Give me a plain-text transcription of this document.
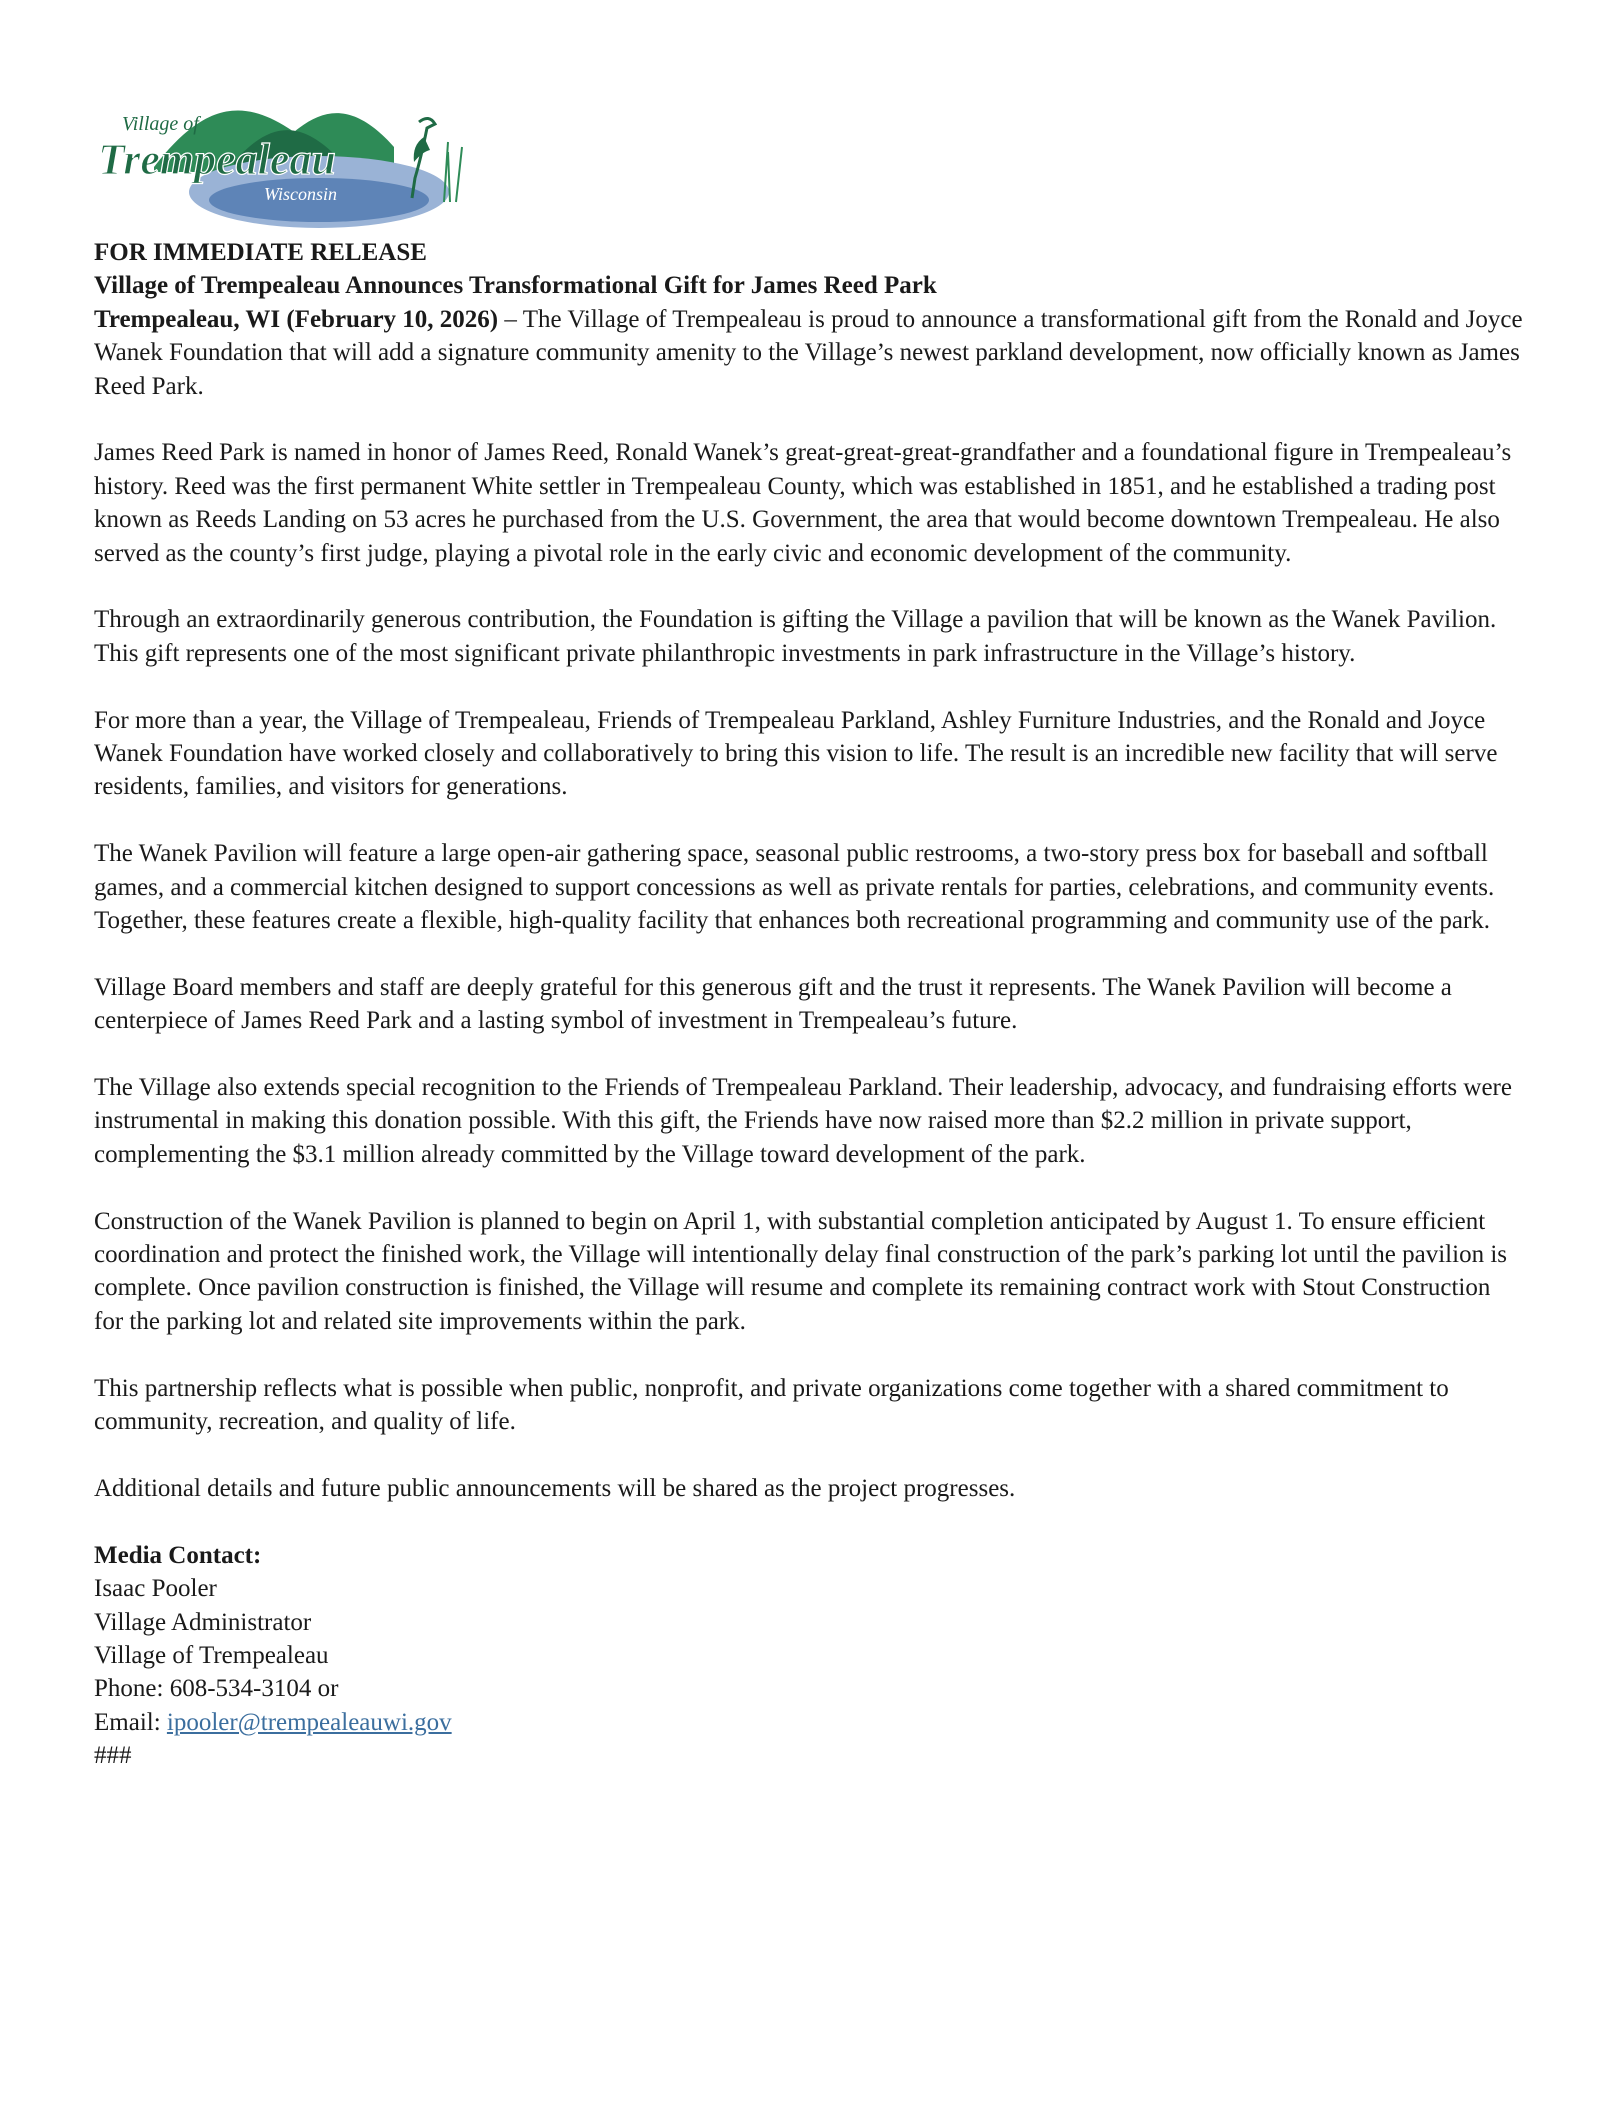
Village of
Trempealeau
Wisconsin
FOR IMMEDIATE RELEASE
Village of Trempealeau Announces Transformational Gift for James Reed Park

Trempealeau, WI (February 10, 2026) – The Village of Trempealeau is proud to announce a transformational gift from the Ronald and Joyce Wanek Foundation that will add a signature community amenity to the Village’s newest parkland development, now officially known as James Reed Park.

James Reed Park is named in honor of James Reed, Ronald Wanek’s great-great-great-grandfather and a foundational figure in Trempealeau’s history. Reed was the first permanent White settler in Trempealeau County, which was established in 1851, and he established a trading post known as Reeds Landing on 53 acres he purchased from the U.S. Government, the area that would become downtown Trempealeau. He also served as the county’s first judge, playing a pivotal role in the early civic and economic development of the community.

Through an extraordinarily generous contribution, the Foundation is gifting the Village a pavilion that will be known as the Wanek Pavilion. This gift represents one of the most significant private philanthropic investments in park infrastructure in the Village’s history.

For more than a year, the Village of Trempealeau, Friends of Trempealeau Parkland, Ashley Furniture Industries, and the Ronald and Joyce Wanek Foundation have worked closely and collaboratively to bring this vision to life. The result is an incredible new facility that will serve residents, families, and visitors for generations.

The Wanek Pavilion will feature a large open-air gathering space, seasonal public restrooms, a two-story press box for baseball and softball games, and a commercial kitchen designed to support concessions as well as private rentals for parties, celebrations, and community events. Together, these features create a flexible, high-quality facility that enhances both recreational programming and community use of the park.

Village Board members and staff are deeply grateful for this generous gift and the trust it represents. The Wanek Pavilion will become a centerpiece of James Reed Park and a lasting symbol of investment in Trempealeau’s future.

The Village also extends special recognition to the Friends of Trempealeau Parkland. Their leadership, advocacy, and fundraising efforts were instrumental in making this donation possible. With this gift, the Friends have now raised more than $2.2 million in private support, complementing the $3.1 million already committed by the Village toward development of the park.

Construction of the Wanek Pavilion is planned to begin on April 1, with substantial completion anticipated by August 1. To ensure efficient coordination and protect the finished work, the Village will intentionally delay final construction of the park’s parking lot until the pavilion is complete. Once pavilion construction is finished, the Village will resume and complete its remaining contract work with Stout Construction for the parking lot and related site improvements within the park.

This partnership reflects what is possible when public, nonprofit, and private organizations come together with a shared commitment to community, recreation, and quality of life.

Additional details and future public announcements will be shared as the project progresses.

Media Contact:

Isaac Pooler

Village Administrator

Village of Trempealeau

Phone: 608-534-3104 or

Email: ipooler@trempealeauwi.gov

###
